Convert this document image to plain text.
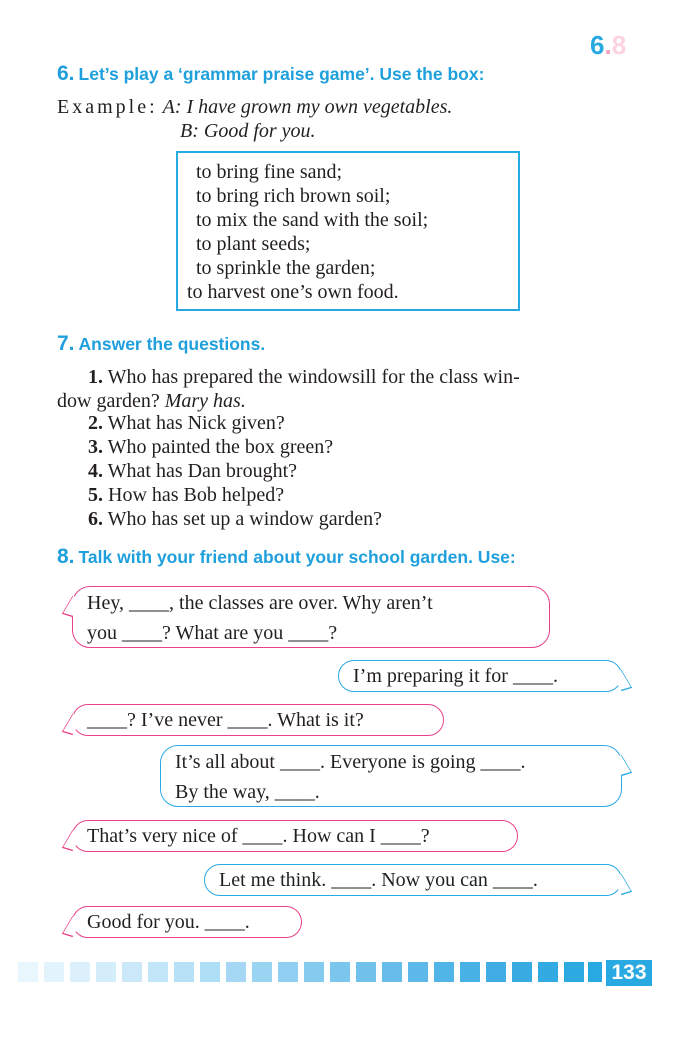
6.8
6. Let’s play a ‘grammar praise game’. Use the box:
Example: A: I have grown my own vegetables.
B: Good for you.
to bring fine sand;
to bring rich brown soil;
to mix the sand with the soil;
to plant seeds;
to sprinkle the garden;
to harvest one’s own food.
7. Answer the questions.
1. Who has prepared the windowsill for the class win-
dow garden? Mary has.
2. What has Nick given?
3. Who painted the box green?
4. What has Dan brought?
5. How has Bob helped?
6. Who has set up a window garden?
8. Talk with your friend about your school garden. Use:
Hey, ____, the classes are over. Why aren’t
you ____? What are you ____?
I’m preparing it for ____.
____? I’ve never ____. What is it?
It’s all about ____. Everyone is going ____.
By the way, ____.
That’s very nice of ____. How can I ____?
Let me think. ____. Now you can ____.
Good for you. ____.
133
